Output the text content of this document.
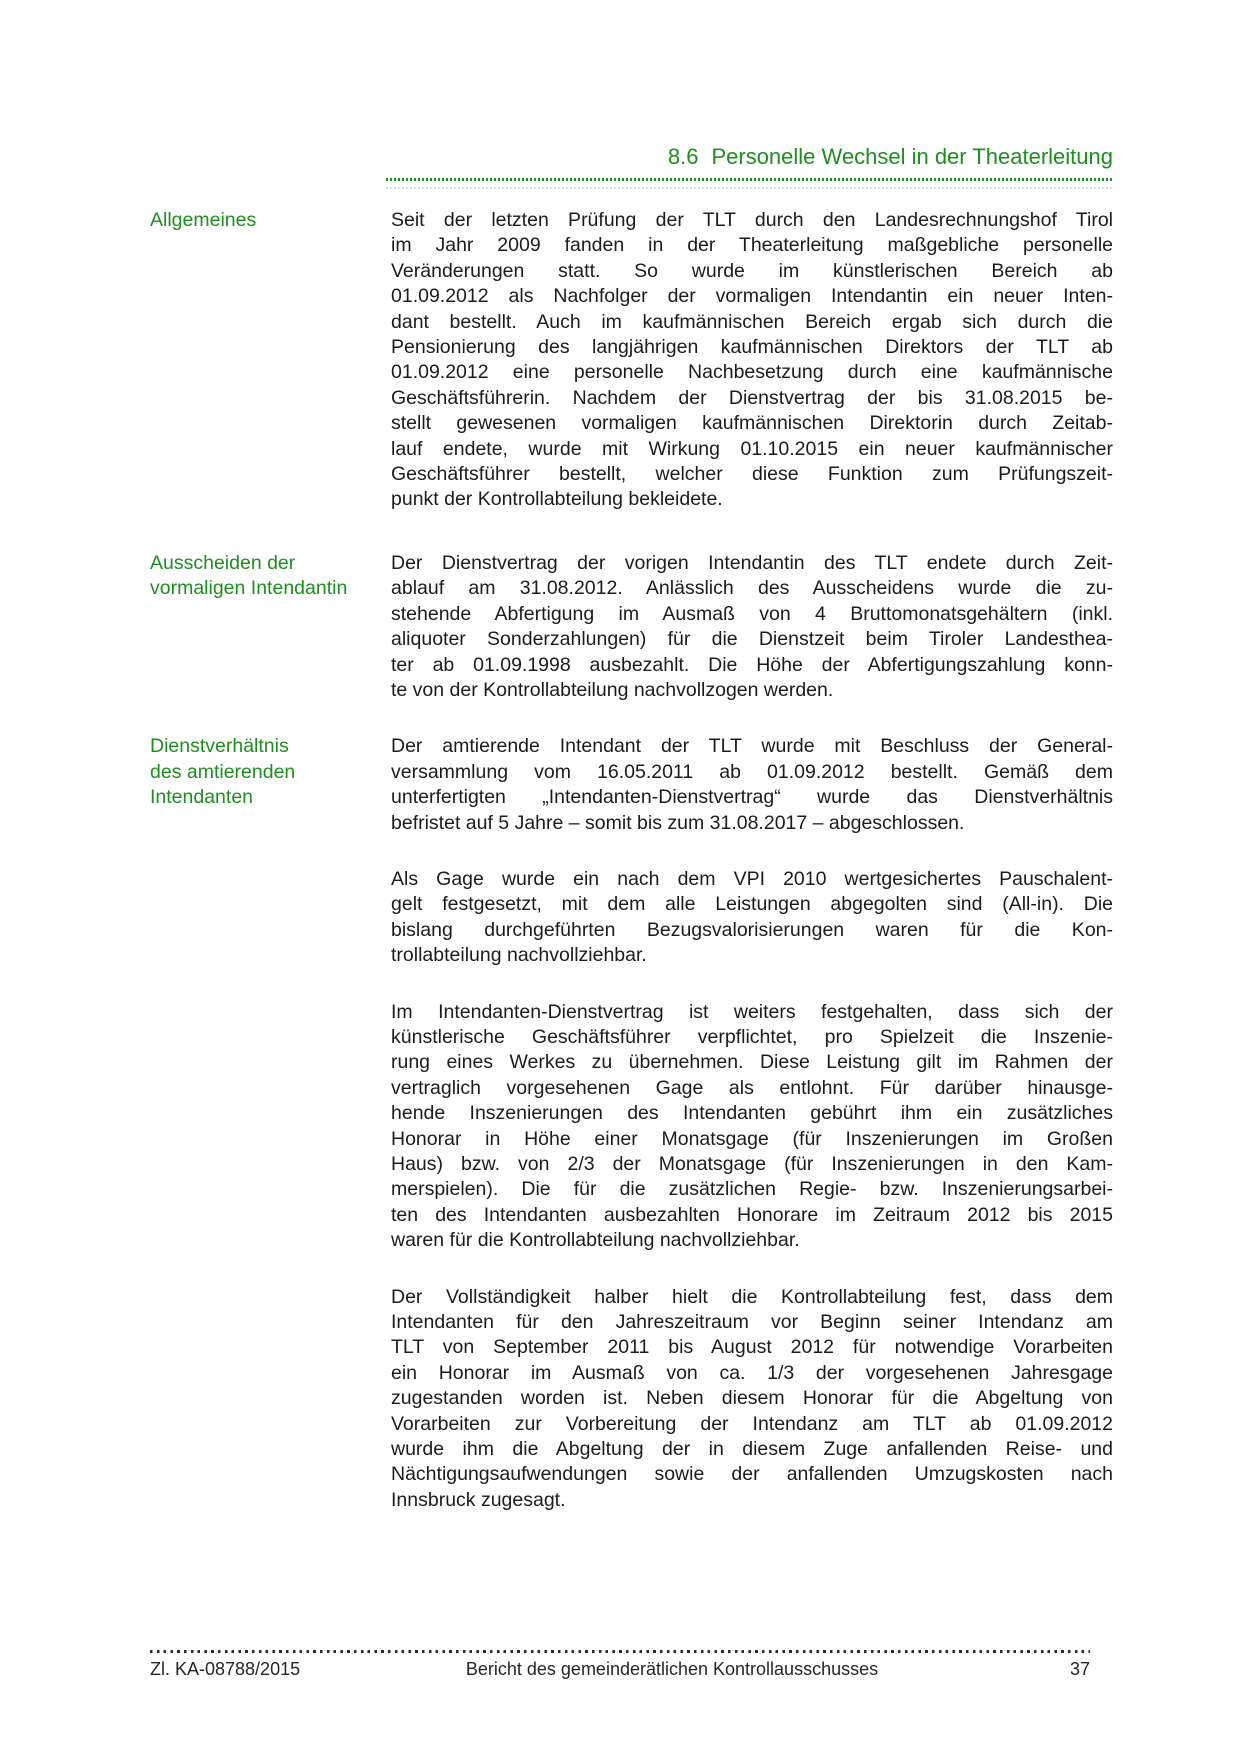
8.6 Personelle Wechsel in der Theaterleitung
Allgemeines	Seit der letzten Prüfung der TLT durch den Landesrechnungshof Tirol
im Jahr 2009 fanden in der Theaterleitung maßgebliche personelle
Veränderungen statt. So wurde im künstlerischen Bereich ab
01.09.2012 als Nachfolger der vormaligen Intendantin ein neuer Inten-
dant bestellt. Auch im kaufmännischen Bereich ergab sich durch die
Pensionierung des langjährigen kaufmännischen Direktors der TLT ab
01.09.2012 eine personelle Nachbesetzung durch eine kaufmännische
Geschäftsführerin. Nachdem der Dienstvertrag der bis 31.08.2015 be-
stellt gewesenen vormaligen kaufmännischen Direktorin durch Zeitab-
lauf endete, wurde mit Wirkung 01.10.2015 ein neuer kaufmännischer
Geschäftsführer bestellt, welcher diese Funktion zum Prüfungszeit-
punkt der Kontrollabteilung bekleidete.
Ausscheiden der
vormaligen Intendantin
Der Dienstvertrag der vorigen Intendantin des TLT endete durch Zeit-
ablauf am 31.08.2012. Anlässlich des Ausscheidens wurde die zu-
stehende Abfertigung im Ausmaß von 4 Bruttomonatsgehältern (inkl.
aliquoter Sonderzahlungen) für die Dienstzeit beim Tiroler Landesthea-
ter ab 01.09.1998 ausbezahlt. Die Höhe der Abfertigungszahlung konn-
te von der Kontrollabteilung nachvollzogen werden.
Dienstverhältnis
des amtierenden
Intendanten
Der amtierende Intendant der TLT wurde mit Beschluss der General-
versammlung vom 16.05.2011 ab 01.09.2012 bestellt. Gemäß dem
unterfertigten „Intendanten-Dienstvertrag“ wurde das Dienstverhältnis
befristet auf 5 Jahre – somit bis zum 31.08.2017 – abgeschlossen.
Als Gage wurde ein nach dem VPI 2010 wertgesichertes Pauschalent-
gelt festgesetzt, mit dem alle Leistungen abgegolten sind (All-in). Die
bislang durchgeführten Bezugsvalorisierungen waren für die Kon-
trollabteilung nachvollziehbar.
Im Intendanten-Dienstvertrag ist weiters festgehalten, dass sich der
künstlerische Geschäftsführer verpflichtet, pro Spielzeit die Inszenie-
rung eines Werkes zu übernehmen. Diese Leistung gilt im Rahmen der
vertraglich vorgesehenen Gage als entlohnt. Für darüber hinausge-
hende Inszenierungen des Intendanten gebührt ihm ein zusätzliches
Honorar in Höhe einer Monatsgage (für Inszenierungen im Großen
Haus) bzw. von 2/3 der Monatsgage (für Inszenierungen in den Kam-
merspielen). Die für die zusätzlichen Regie- bzw. Inszenierungsarbei-
ten des Intendanten ausbezahlten Honorare im Zeitraum 2012 bis 2015
waren für die Kontrollabteilung nachvollziehbar.
Der Vollständigkeit halber hielt die Kontrollabteilung fest, dass dem
Intendanten für den Jahreszeitraum vor Beginn seiner Intendanz am
TLT von September 2011 bis August 2012 für notwendige Vorarbeiten
ein Honorar im Ausmaß von ca. 1/3 der vorgesehenen Jahresgage
zugestanden worden ist. Neben diesem Honorar für die Abgeltung von
Vorarbeiten zur Vorbereitung der Intendanz am TLT ab 01.09.2012
wurde ihm die Abgeltung der in diesem Zuge anfallenden Reise- und
Nächtigungsaufwendungen sowie der anfallenden Umzugskosten nach
Innsbruck zugesagt.
Zl. KA-08788/2015	Bericht des gemeinderätlichen Kontrollausschusses	37
